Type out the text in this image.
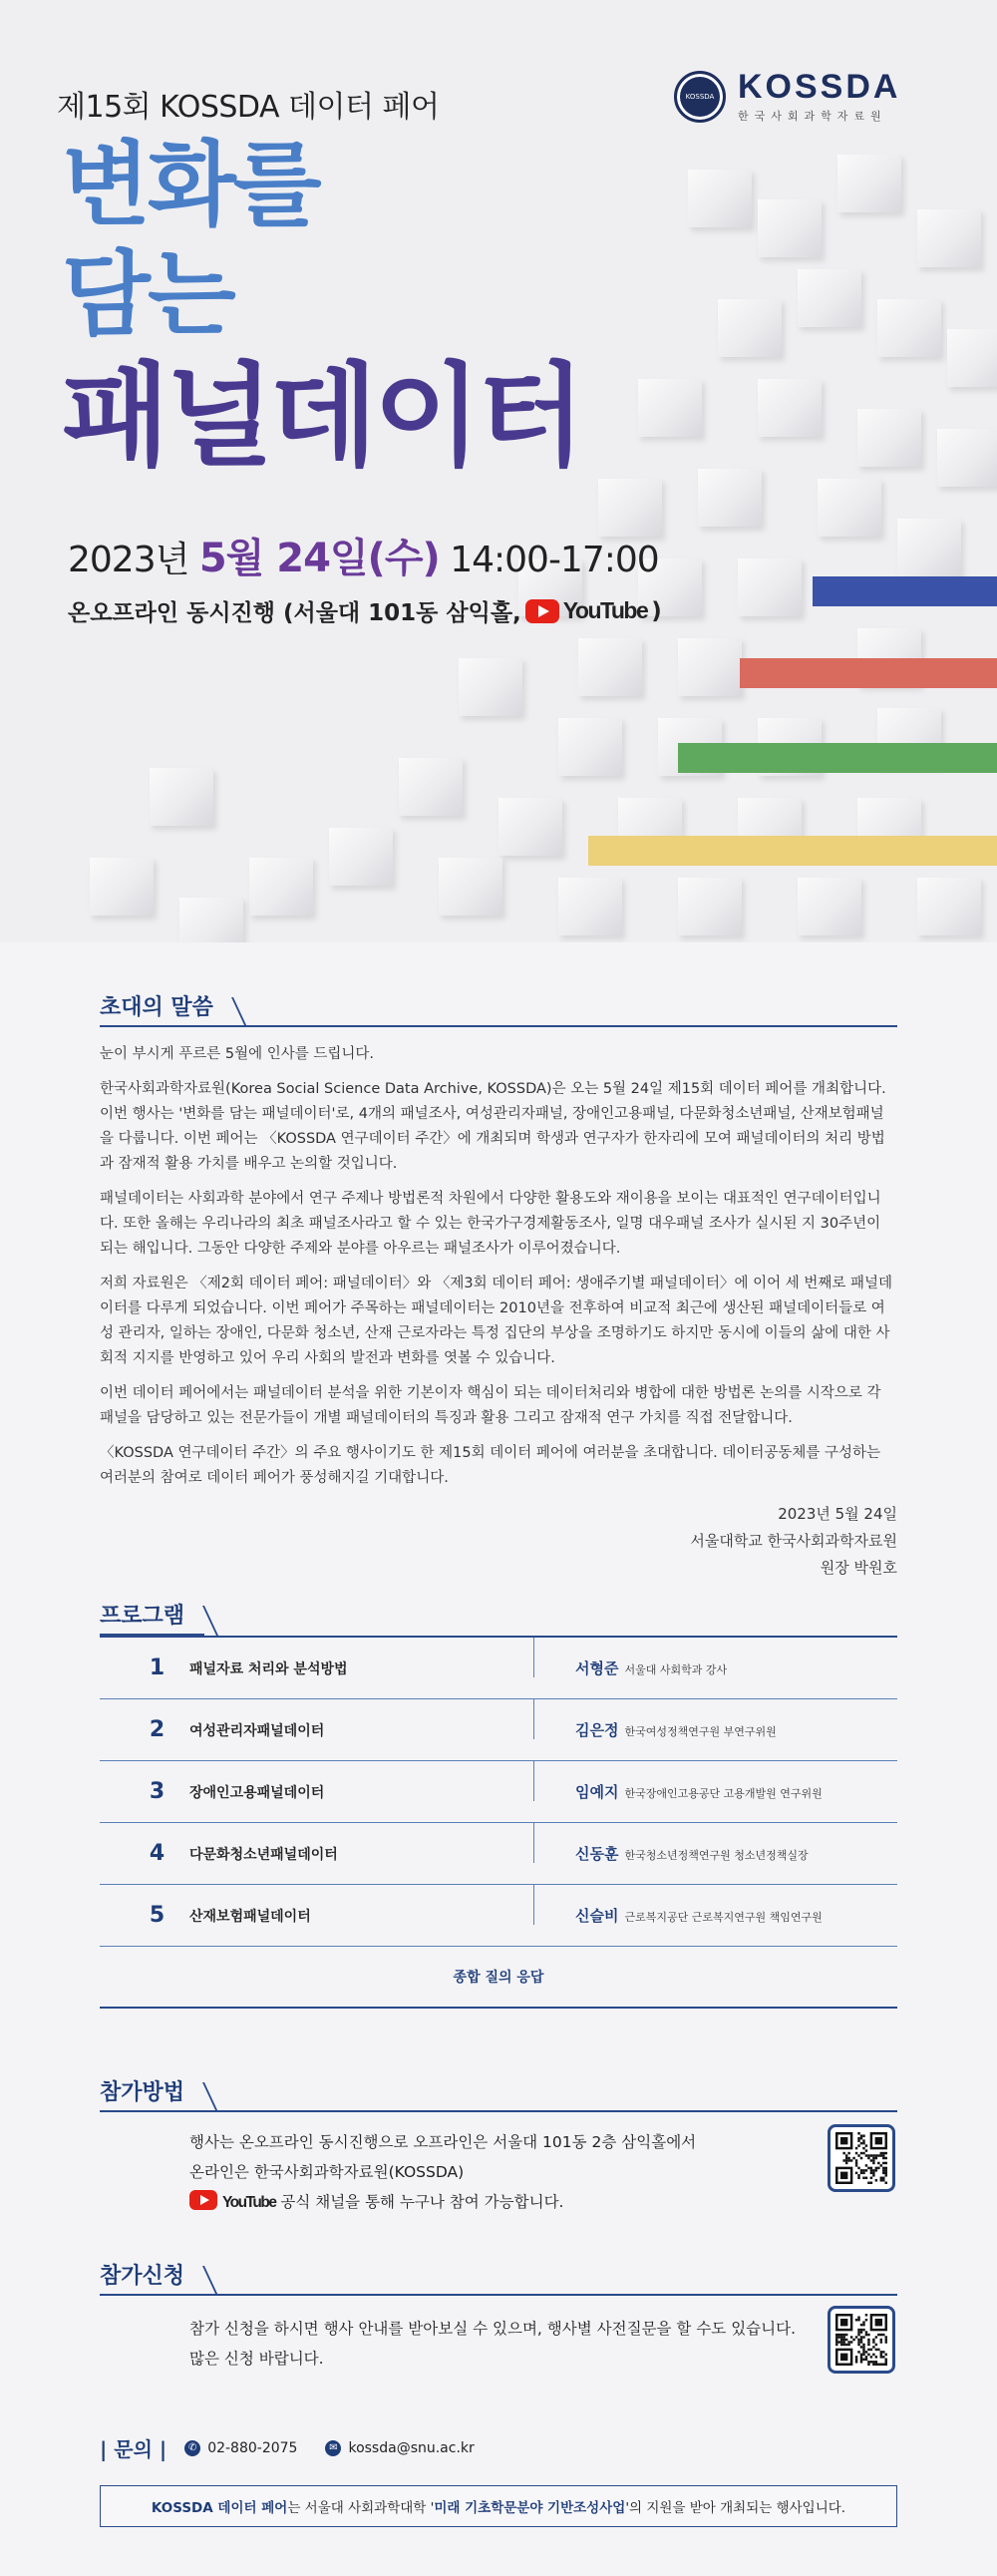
제15회 KOSSDA 데이터 페어
변화를
담는
패널데이터
2023년 5월 24일(수) 14:00-17:00
온오프라인 동시진행 (서울대 101동 삼익홀, YouTube )
KOSSDA KOSSDA
한국사회과학자료원
초대의 말씀

눈이 부시게 푸르른 5월에 인사를 드립니다.

한국사회과학자료원(Korea Social Science Data Archive, KOSSDA)은 오는 5월 24일 제15회 데이터 페어를 개최합니다. 이번 행사는 '변화를 담는 패널데이터'로, 4개의 패널조사, 여성관리자패널, 장애인고용패널, 다문화청소년패널, 산재보험패널을 다룹니다. 이번 페어는 〈KOSSDA 연구데이터 주간〉에 개최되며 학생과 연구자가 한자리에 모여 패널데이터의 처리 방법과 잠재적 활용 가치를 배우고 논의할 것입니다.

패널데이터는 사회과학 분야에서 연구 주제나 방법론적 차원에서 다양한 활용도와 재이용을 보이는 대표적인 연구데이터입니다. 또한 올해는 우리나라의 최초 패널조사라고 할 수 있는 한국가구경제활동조사, 일명 대우패널 조사가 실시된 지 30주년이 되는 해입니다. 그동안 다양한 주제와 분야를 아우르는 패널조사가 이루어졌습니다.

저희 자료원은 〈제2회 데이터 페어: 패널데이터〉와 〈제3회 데이터 페어: 생애주기별 패널데이터〉에 이어 세 번째로 패널데이터를 다루게 되었습니다. 이번 페어가 주목하는 패널데이터는 2010년을 전후하여 비교적 최근에 생산된 패널데이터들로 여성 관리자, 일하는 장애인, 다문화 청소년, 산재 근로자라는 특정 집단의 부상을 조명하기도 하지만 동시에 이들의 삶에 대한 사회적 지지를 반영하고 있어 우리 사회의 발전과 변화를 엿볼 수 있습니다.

이번 데이터 페어에서는 패널데이터 분석을 위한 기본이자 핵심이 되는 데이터처리와 병합에 대한 방법론 논의를 시작으로 각 패널을 담당하고 있는 전문가들이 개별 패널데이터의 특징과 활용 그리고 잠재적 연구 가치를 직접 전달합니다.

〈KOSSDA 연구데이터 주간〉의 주요 행사이기도 한 제15회 데이터 페어에 여러분을 초대합니다. 데이터공동체를 구성하는 여러분의 참여로 데이터 페어가 풍성해지길 기대합니다.

2023년 5월 24일
서울대학교 한국사회과학자료원
원장 박원호
프로그램
1	패널자료 처리와 분석방법	서형준 서울대 사회학과 강사
2	여성관리자패널데이터	김은정 한국여성정책연구원 부연구위원
3	장애인고용패널데이터	임예지 한국장애인고용공단 고용개발원 연구위원
4	다문화청소년패널데이터	신동훈 한국청소년정책연구원 청소년정책실장
5	산재보험패널데이터	신슬비 근로복지공단 근로복지연구원 책임연구원
종합 질의 응답
참가방법
행사는 온오프라인 동시진행으로 오프라인은 서울대 101동 2층 삼익홀에서
온라인은 한국사회과학자료원(KOSSDA)
YouTube 공식 채널을 통해 누구나 참여 가능합니다.
참가신청
참가 신청을 하시면 행사 안내를 받아보실 수 있으며, 행사별 사전질문을 할 수도 있습니다.
많은 신청 바랍니다.
| 문의 |	✆ 02-880-2075	✉ kossda@snu.ac.kr
KOSSDA 데이터 페어 는 서울대 사회과학대학 ' 미래 기초학문분야 기반조성사업 '의 지원을 받아 개최되는 행사입니다.
